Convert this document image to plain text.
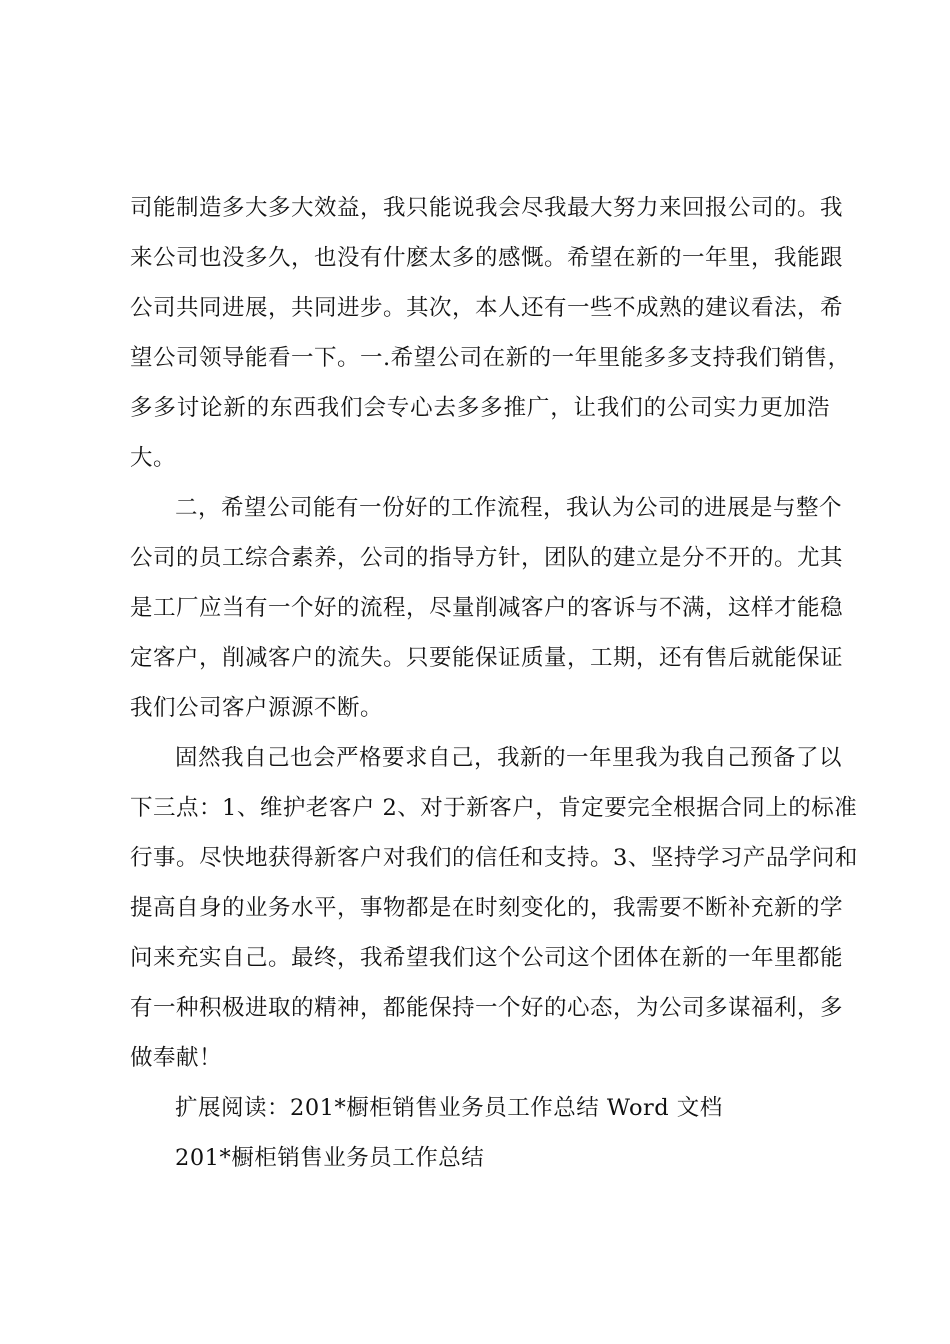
司能制造多大多大效益，我只能说我会尽我最大努力来回报公司的。我
来公司也没多久，也没有什麽太多的感慨。希望在新的一年里，我能跟
公司共同进展，共同进步。其次，本人还有一些不成熟的建议看法，希
望公司领导能看一下。一.希望公司在新的一年里能多多支持我们销售，
多多讨论新的东西我们会专心去多多推广，让我们的公司实力更加浩
大。
二，希望公司能有一份好的工作流程，我认为公司的进展是与整个
公司的员工综合素养，公司的指导方针，团队的建立是分不开的。尤其
是工厂应当有一个好的流程，尽量削减客户的客诉与不满，这样才能稳
定客户，削减客户的流失。只要能保证质量，工期，还有售后就能保证
我们公司客户源源不断。
固然我自己也会严格要求自己，我新的一年里我为我自己预备了以
下三点：1、维护老客户 2、对于新客户，肯定要完全根据合同上的标准
行事。尽快地获得新客户对我们的信任和支持。3、坚持学习产品学问和
提高自身的业务水平，事物都是在时刻变化的，我需要不断补充新的学
问来充实自己。最终，我希望我们这个公司这个团体在新的一年里都能
有一种积极进取的精神，都能保持一个好的心态，为公司多谋福利，多
做奉献！
扩展阅读：201*橱柜销售业务员工作总结 Word 文档
201*橱柜销售业务员工作总结
